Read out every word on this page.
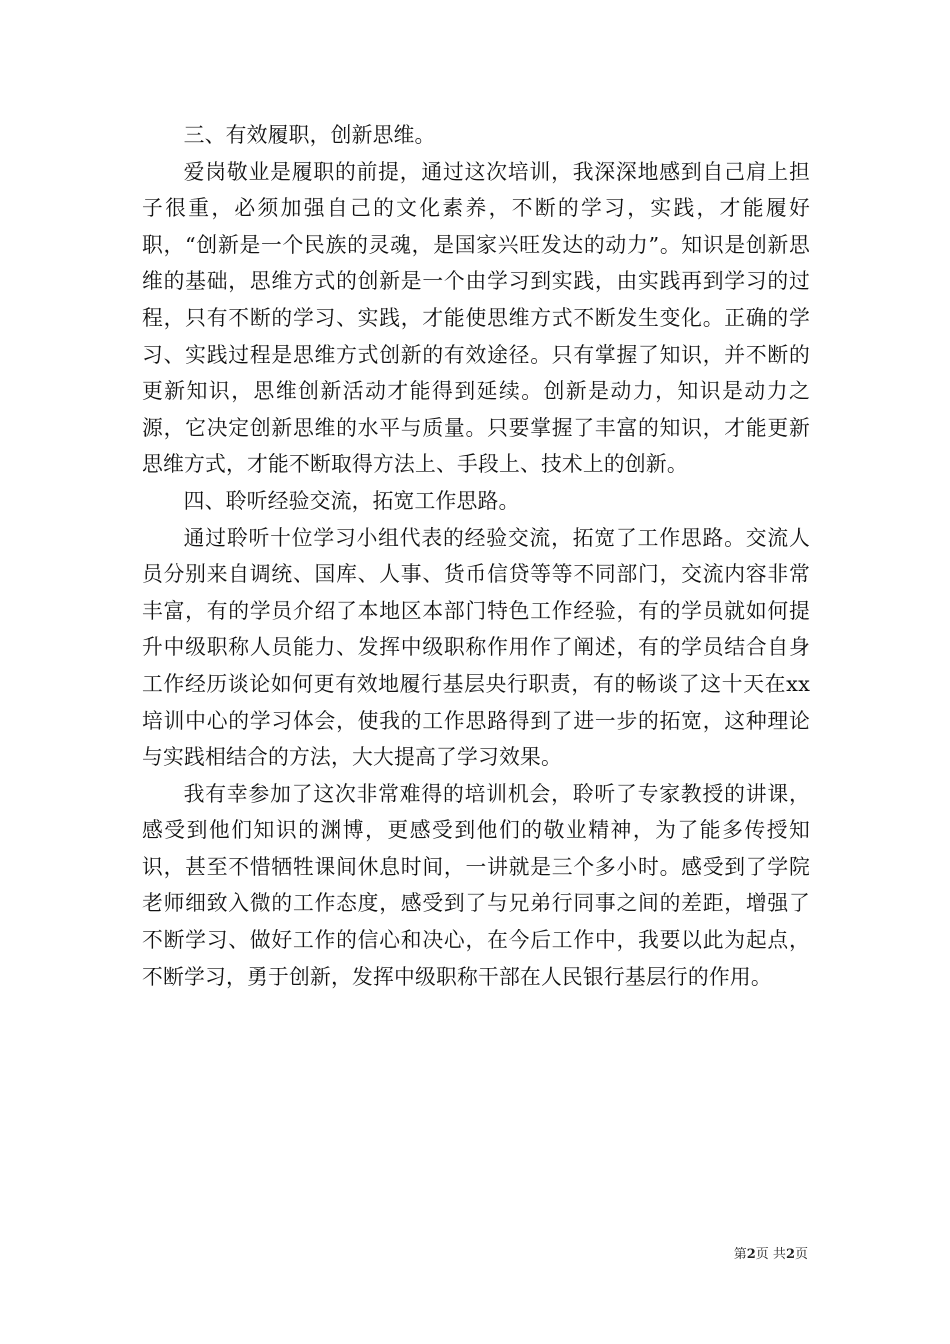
三、有效履职，创新思维。

爱岗敬业是履职的前提，通过这次培训，我深深地感到自己肩上担子很重，必须加强自己的文化素养，不断的学习，实践，才能履好职，“创新是一个民族的灵魂，是国家兴旺发达的动力”。知识是创新思维的基础，思维方式的创新是一个由学习到实践，由实践再到学习的过程，只有不断的学习、实践，才能使思维方式不断发生变化。正确的学习、实践过程是思维方式创新的有效途径。只有掌握了知识，并不断的更新知识，思维创新活动才能得到延续。创新是动力，知识是动力之源，它决定创新思维的水平与质量。只要掌握了丰富的知识，才能更新思维方式，才能不断取得方法上、手段上、技术上的创新。

四、聆听经验交流，拓宽工作思路。

通过聆听十位学习小组代表的经验交流，拓宽了工作思路。交流人员分别来自调统、国库、人事、货币信贷等等不同部门，交流内容非常丰富，有的学员介绍了本地区本部门特色工作经验，有的学员就如何提升中级职称人员能力、发挥中级职称作用作了阐述，有的学员结合自身工作经历谈论如何更有效地履行基层央行职责，有的畅谈了这十天在xx培训中心的学习体会，使我的工作思路得到了进一步的拓宽，这种理论与实践相结合的方法，大大提高了学习效果。

我有幸参加了这次非常难得的培训机会，聆听了专家教授的讲课，感受到他们知识的渊博，更感受到他们的敬业精神，为了能多传授知识，甚至不惜牺牲课间休息时间，一讲就是三个多小时。感受到了学院老师细致入微的工作态度，感受到了与兄弟行同事之间的差距，增强了不断学习、做好工作的信心和决心，在今后工作中，我要以此为起点，不断学习，勇于创新，发挥中级职称干部在人民银行基层行的作用。

第2页 共2页
